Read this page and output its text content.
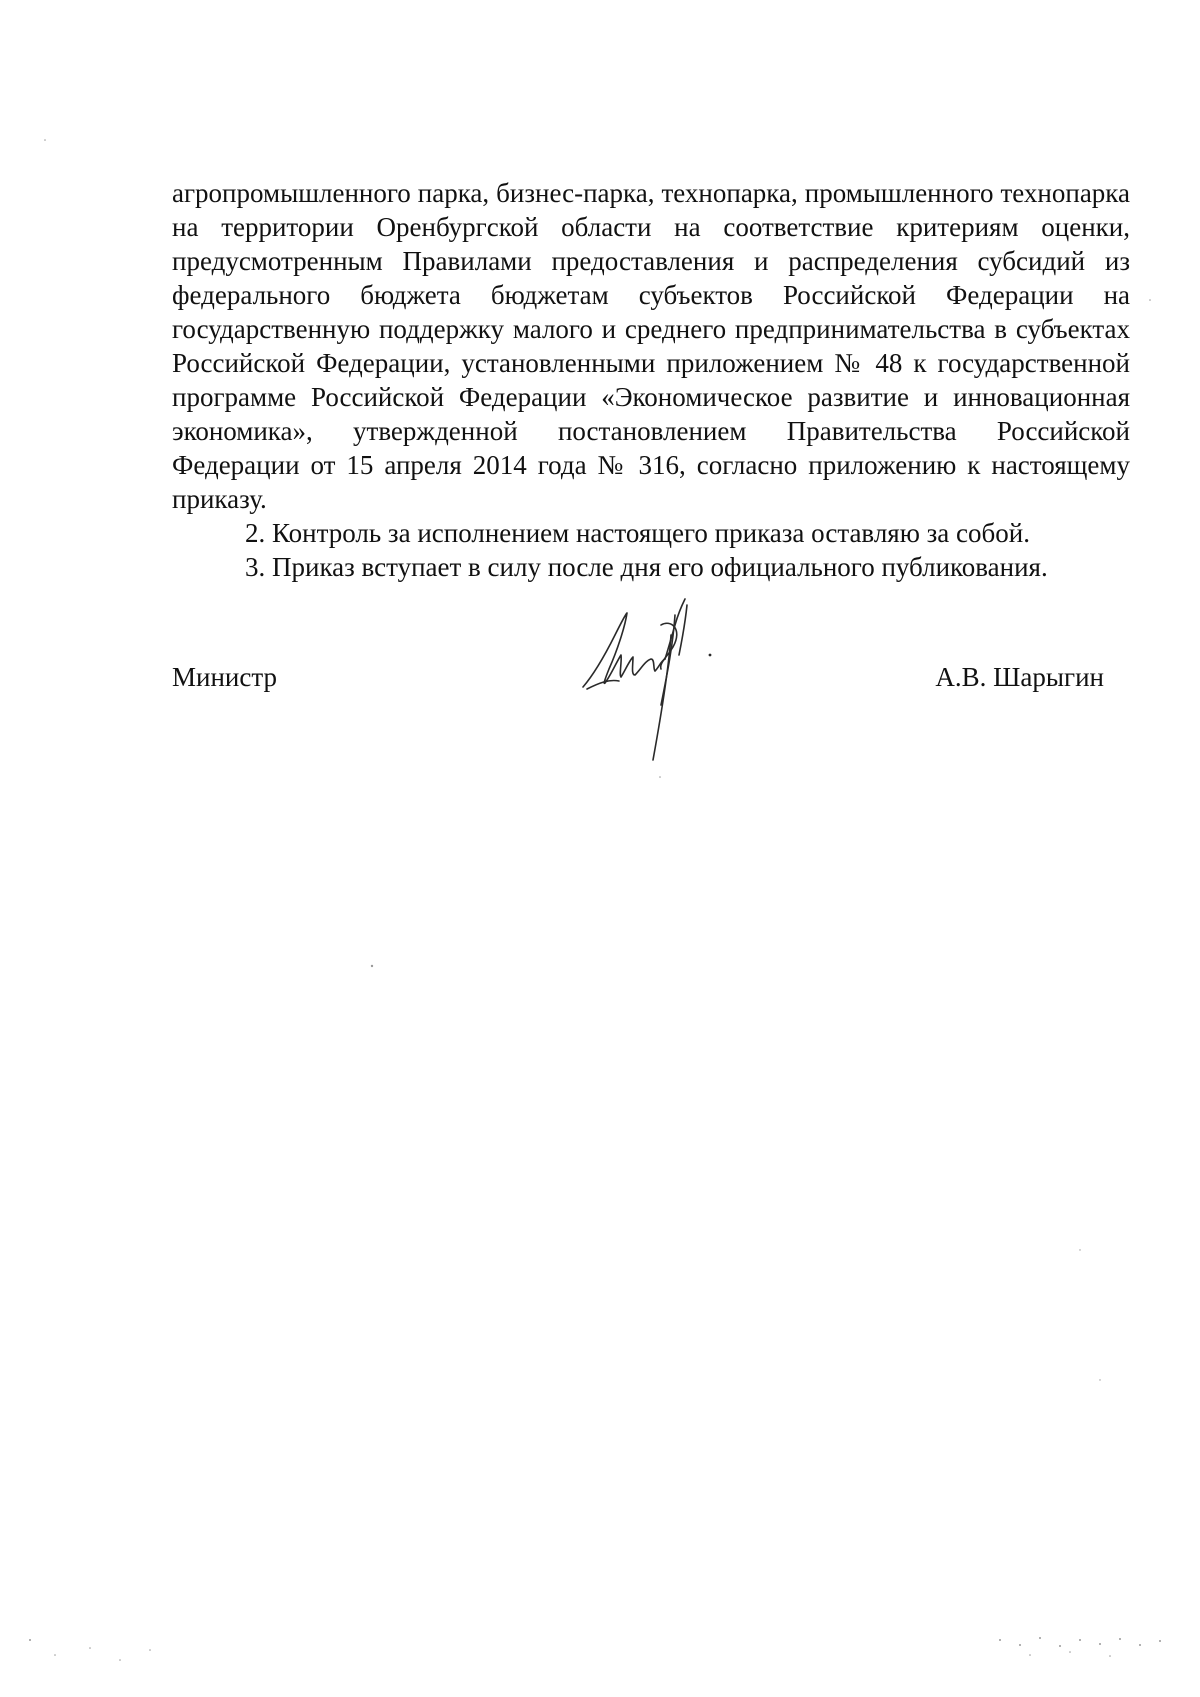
агропромышленного парка, бизнес-парка, технопарка, промышленного технопарка на территории Оренбургской области на соответствие критериям оценки, предусмотренным Правилами предоставления и распределения субсидий из федерального бюджета бюджетам субъектов Российской Федерации на государственную поддержку малого и среднего предпринимательства в субъектах Российской Федерации, установленными приложением № 48 к государственной программе Российской Федерации «Экономическое развитие и инновационная экономика», утвержденной постановлением Правительства Российской Федерации от 15 апреля 2014 года № 316, согласно приложению к настоящему приказу.

2. Контроль за исполнением настоящего приказа оставляю за собой.

3. Приказ вступает в силу после дня его официального публикования.

Министр	А.В. Шарыгин
